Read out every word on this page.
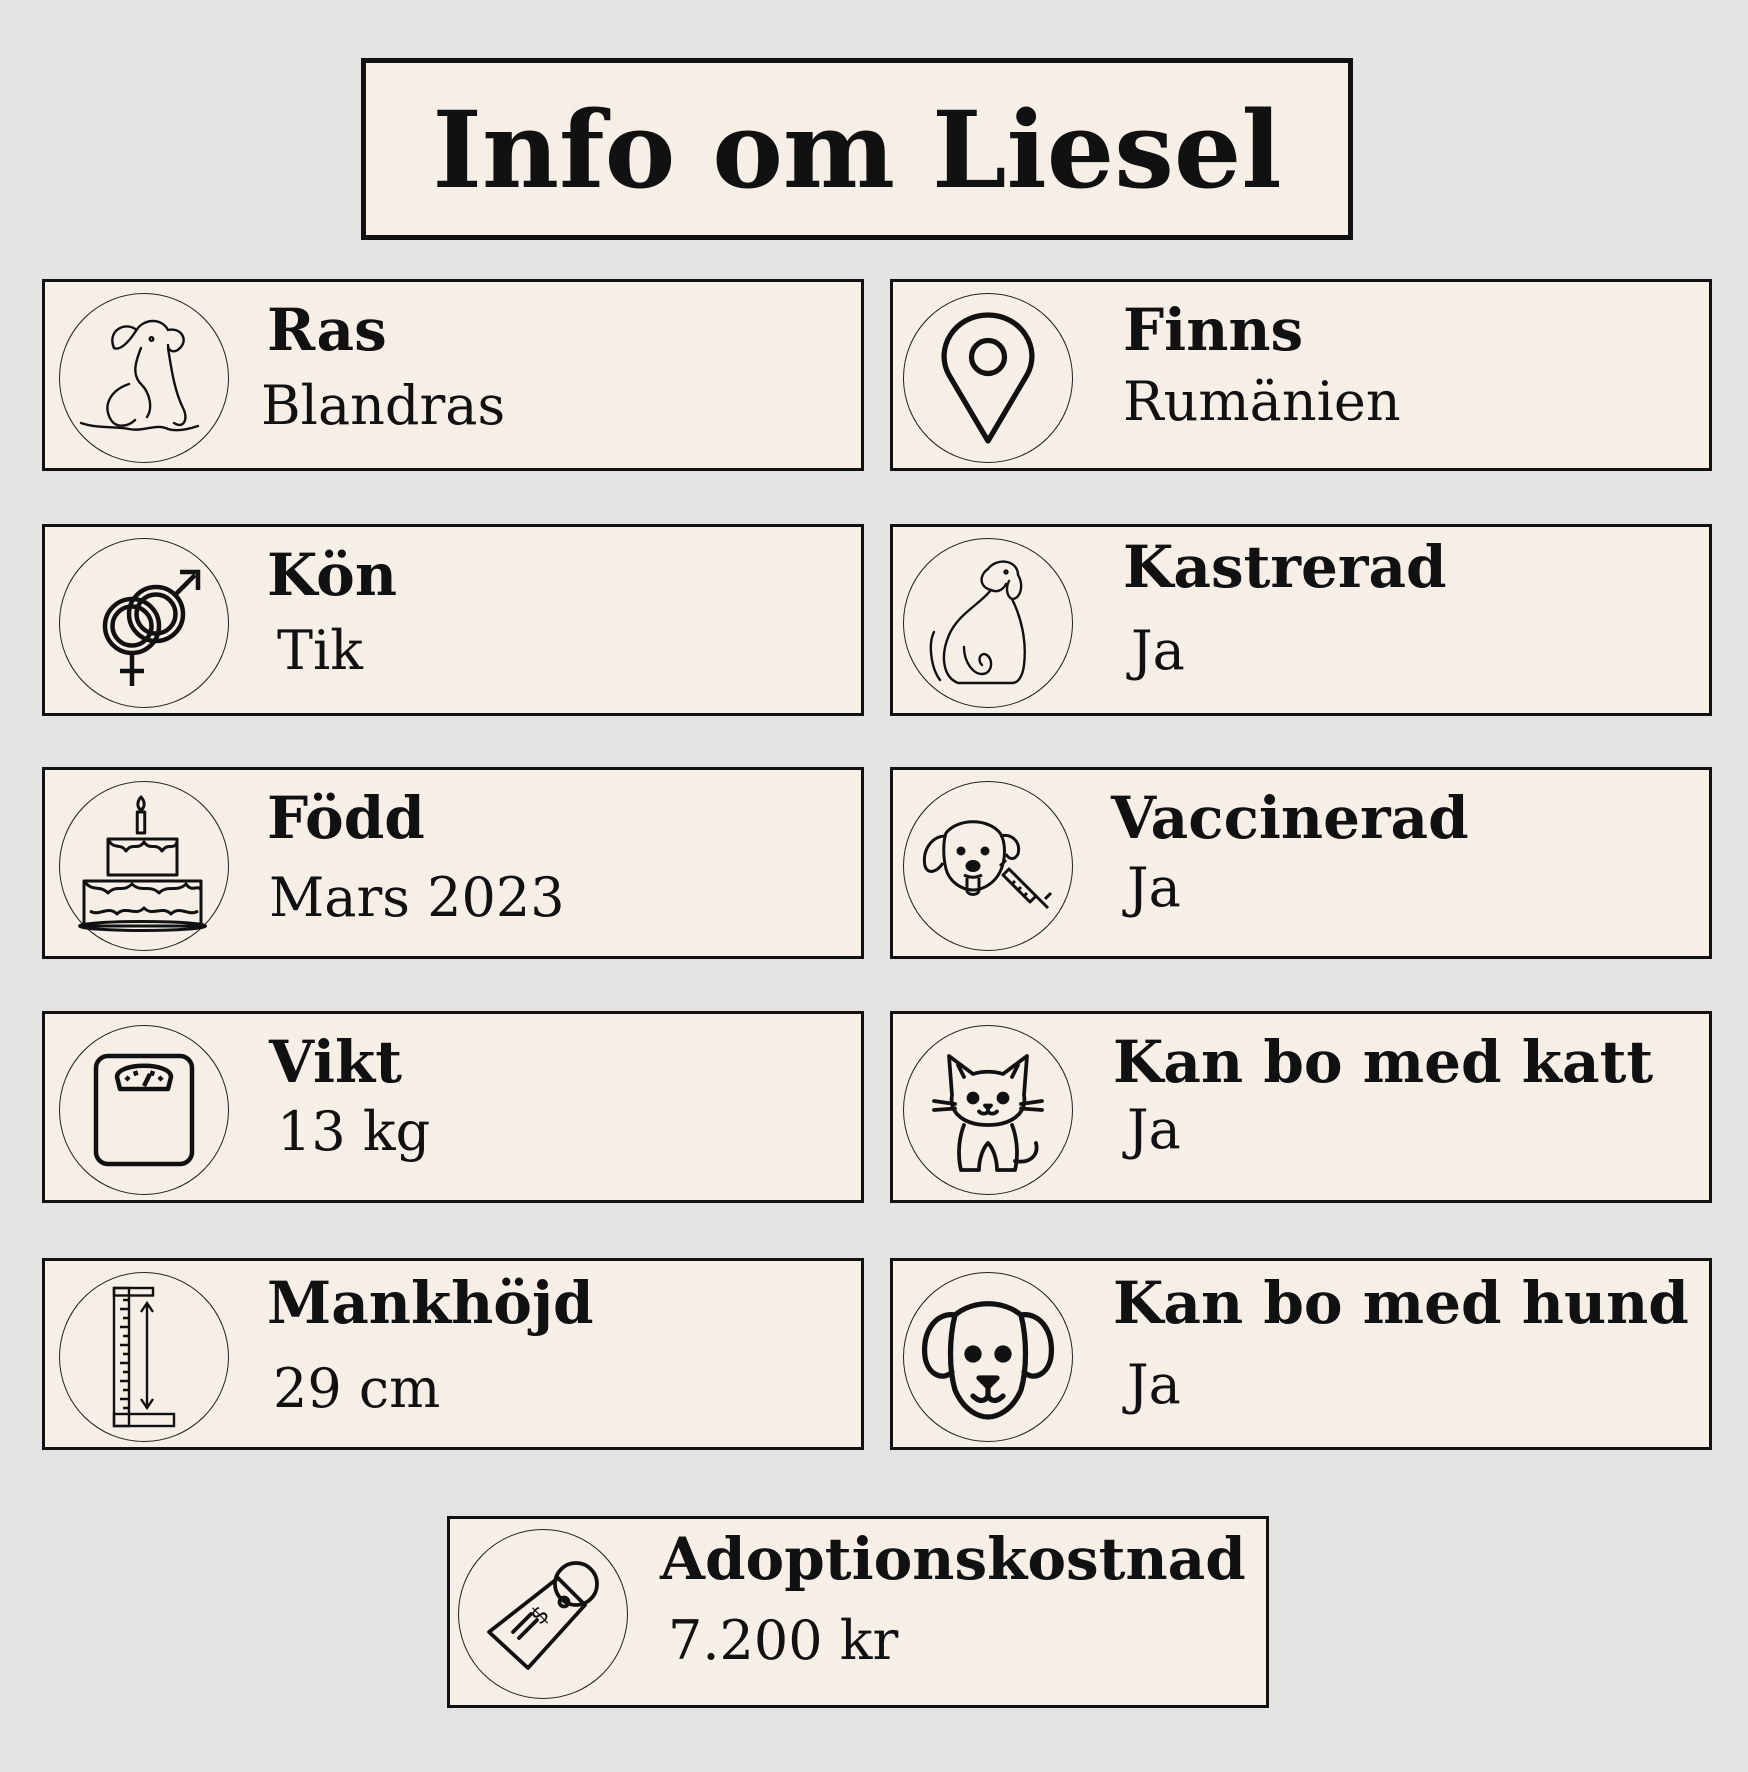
Info om Liesel
Ras
Blandras
Finns
Rumänien
Kön
Tik
Kastrerad
Ja
Född
Mars 2023
Vaccinerad
Ja
Vikt
13 kg
Kan bo med katt
Ja
Mankhöjd
29 cm
Kan bo med hund
Ja
$
Adoptionskostnad
7.200 kr
